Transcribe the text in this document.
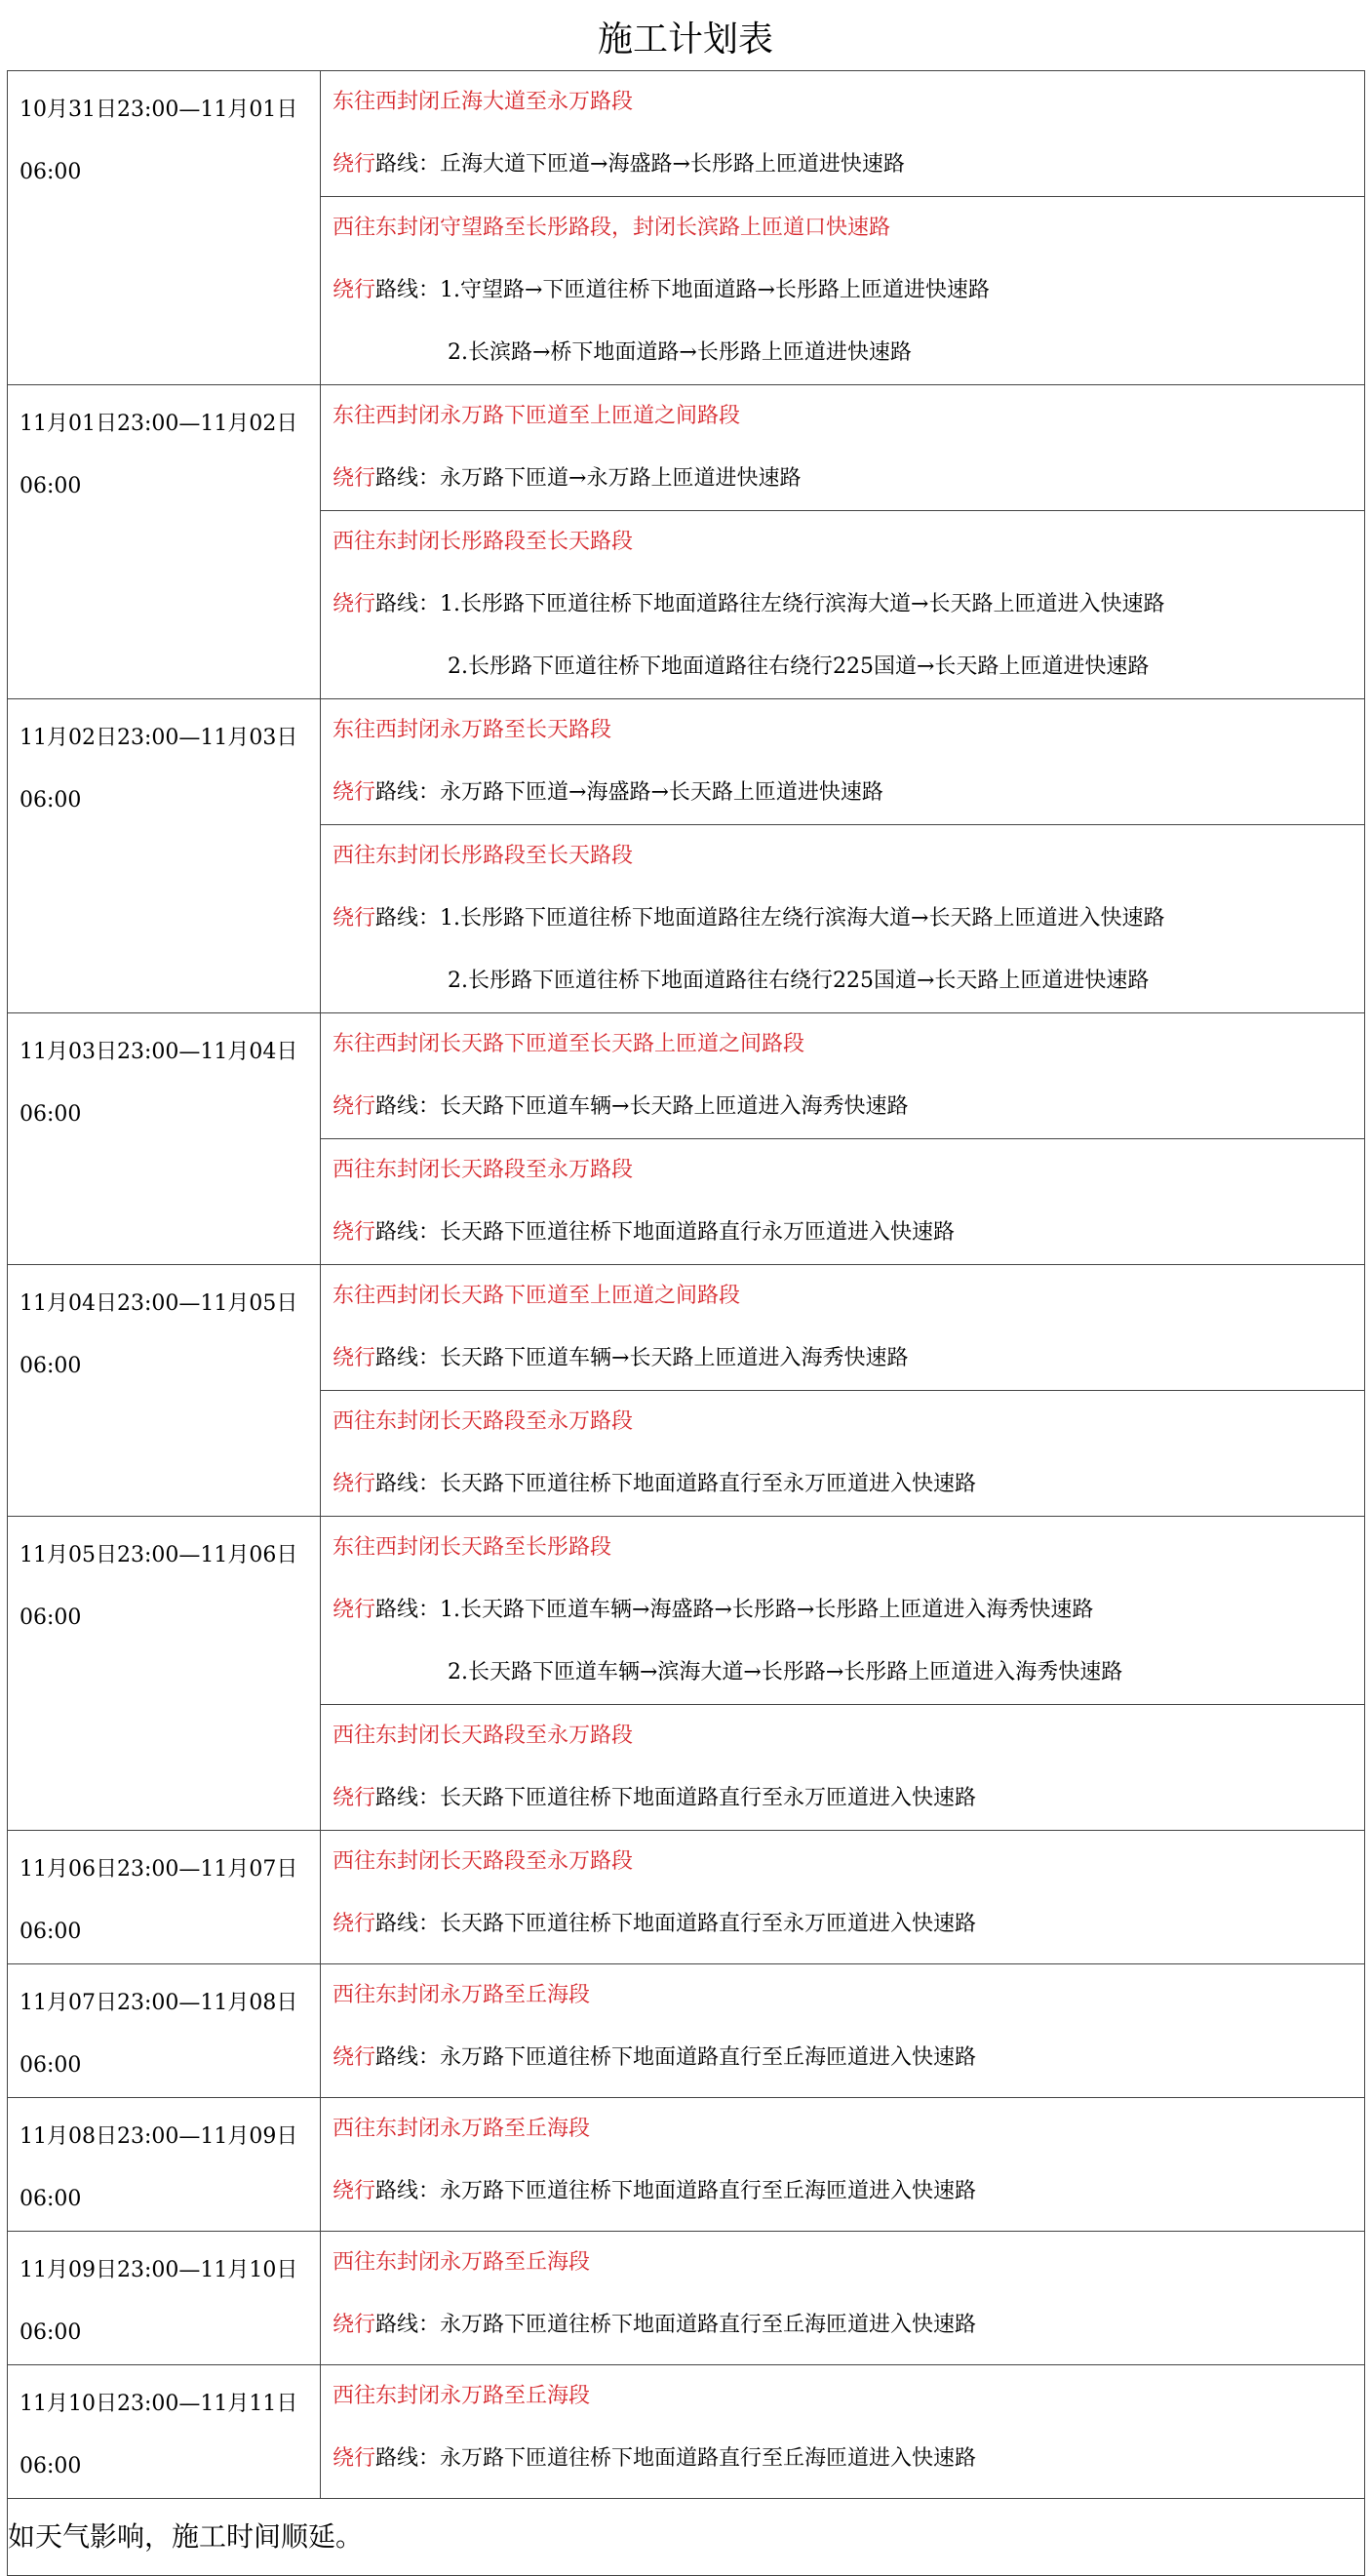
施工计划表
10月31日23:00—11月01日06:00	东往西封闭丘海大道至永万路段
绕行路线：丘海大道下匝道→海盛路→长彤路上匝道进快速路

	西往东封闭守望路至长彤路段，封闭长滨路上匝道口快速路
绕行路线：1.守望路→下匝道往桥下地面道路→长彤路上匝道进快速路
2.长滨路→桥下地面道路→长彤路上匝道进快速路

11月01日23:00—11月02日06:00	东往西封闭永万路下匝道至上匝道之间路段
绕行路线：永万路下匝道→永万路上匝道进快速路

	西往东封闭长彤路段至长天路段
绕行路线：1.长彤路下匝道往桥下地面道路往左绕行滨海大道→长天路上匝道进入快速路
2.长彤路下匝道往桥下地面道路往右绕行225国道→长天路上匝道进快速路

11月02日23:00—11月03日06:00	东往西封闭永万路至长天路段
绕行路线：永万路下匝道→海盛路→长天路上匝道进快速路

	西往东封闭长彤路段至长天路段
绕行路线：1.长彤路下匝道往桥下地面道路往左绕行滨海大道→长天路上匝道进入快速路
2.长彤路下匝道往桥下地面道路往右绕行225国道→长天路上匝道进快速路

11月03日23:00—11月04日06:00	东往西封闭长天路下匝道至长天路上匝道之间路段
绕行路线：长天路下匝道车辆→长天路上匝道进入海秀快速路

	西往东封闭长天路段至永万路段
绕行路线：长天路下匝道往桥下地面道路直行永万匝道进入快速路

11月04日23:00—11月05日06:00	东往西封闭长天路下匝道至上匝道之间路段
绕行路线：长天路下匝道车辆→长天路上匝道进入海秀快速路

	西往东封闭长天路段至永万路段
绕行路线：长天路下匝道往桥下地面道路直行至永万匝道进入快速路

11月05日23:00—11月06日06:00	东往西封闭长天路至长彤路段
绕行路线：1.长天路下匝道车辆→海盛路→长彤路→长彤路上匝道进入海秀快速路
2.长天路下匝道车辆→滨海大道→长彤路→长彤路上匝道进入海秀快速路

	西往东封闭长天路段至永万路段
绕行路线：长天路下匝道往桥下地面道路直行至永万匝道进入快速路

11月06日23:00—11月07日06:00	西往东封闭长天路段至永万路段
绕行路线：长天路下匝道往桥下地面道路直行至永万匝道进入快速路

11月07日23:00—11月08日06:00	西往东封闭永万路至丘海段
绕行路线：永万路下匝道往桥下地面道路直行至丘海匝道进入快速路

11月08日23:00—11月09日06:00	西往东封闭永万路至丘海段
绕行路线：永万路下匝道往桥下地面道路直行至丘海匝道进入快速路

11月09日23:00—11月10日06:00	西往东封闭永万路至丘海段
绕行路线：永万路下匝道往桥下地面道路直行至丘海匝道进入快速路

11月10日23:00—11月11日06:00	西往东封闭永万路至丘海段
绕行路线：永万路下匝道往桥下地面道路直行至丘海匝道进入快速路

如天气影响，施工时间顺延。	
